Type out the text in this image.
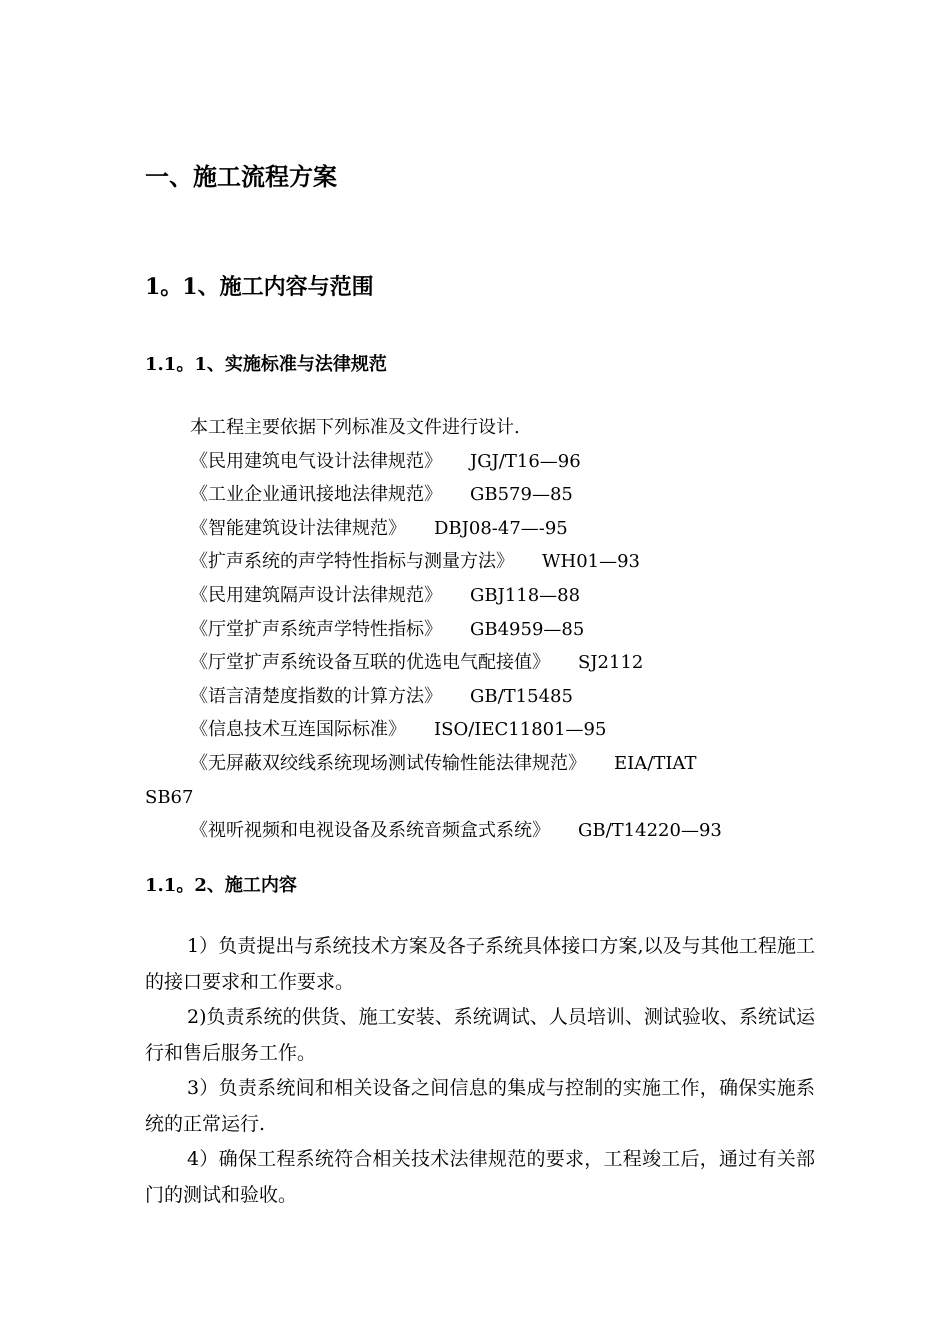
一、施工流程方案
1。1、施工内容与范围
1.1。1、实施标准与法律规范
本工程主要依据下列标准及文件进行设计.
《民用建筑电气设计法律规范》 JGJ/T16—96
《工业企业通讯接地法律规范》 GB579—85
《智能建筑设计法律规范》 DBJ08-47—-95
《扩声系统的声学特性指标与测量方法》 WH01—93
《民用建筑隔声设计法律规范》 GBJ118—88
《厅堂扩声系统声学特性指标》 GB4959—85
《厅堂扩声系统设备互联的优选电气配接值》 SJ2112
《语言清楚度指数的计算方法》 GB/T15485
《信息技术互连国际标准》 ISO/IEC11801—95
《无屏蔽双绞线系统现场测试传输性能法律规范》 EIA/TIAT
SB67
《视听视频和电视设备及系统音频盒式系统》 GB/T14220—93
1.1。2、施工内容

1）负责提出与系统技术方案及各子系统具体接口方案,以及与其他工程施工的接口要求和工作要求。

2)负责系统的供货、施工安装、系统调试、人员培训、测试验收、系统试运行和售后服务工作。

3）负责系统间和相关设备之间信息的集成与控制的实施工作，确保实施系统的正常运行.

4）确保工程系统符合相关技术法律规范的要求，工程竣工后，通过有关部门的测试和验收。
